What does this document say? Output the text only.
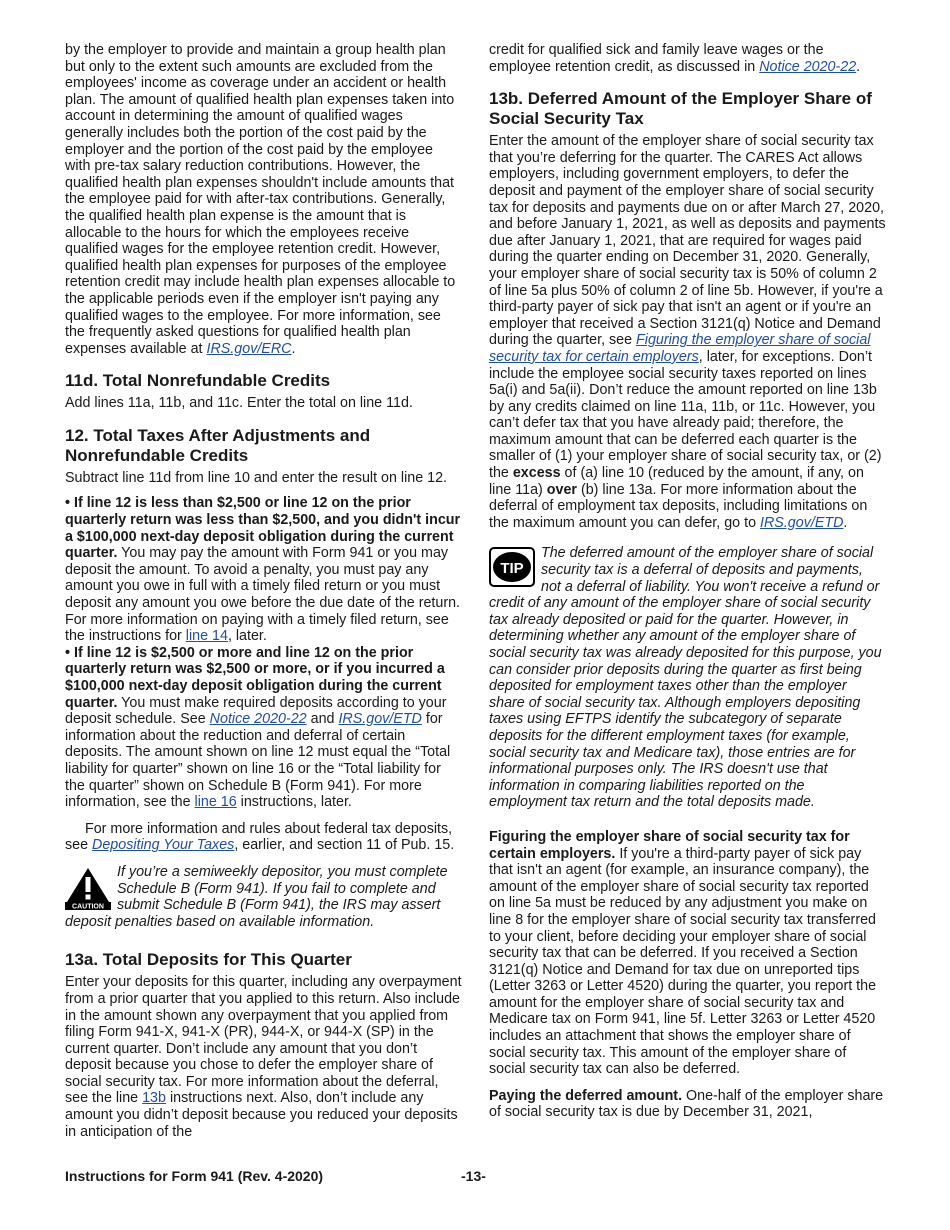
by the employer to provide and maintain a group health plan but only to the extent such amounts are excluded from the employees' income as coverage under an accident or health plan. The amount of qualified health plan expenses taken into account in determining the amount of qualified wages generally includes both the portion of the cost paid by the employer and the portion of the cost paid by the employee with pre-tax salary reduction contributions. However, the qualified health plan expenses shouldn't include amounts that the employee paid for with after-tax contributions. Generally, the qualified health plan expense is the amount that is allocable to the hours for which the employees receive qualified wages for the employee retention credit. However, qualified health plan expenses for purposes of the employee retention credit may include health plan expenses allocable to the applicable periods even if the employer isn't paying any qualified wages to the employee. For more information, see the frequently asked questions for qualified health plan expenses available at IRS.gov/ERC.

11d. Total Nonrefundable Credits

Add lines 11a, 11b, and 11c. Enter the total on line 11d.

12. Total Taxes After Adjustments and Nonrefundable Credits

Subtract line 11d from line 10 and enter the result on line 12.

• If line 12 is less than $2,500 or line 12 on the prior quarterly return was less than $2,500, and you didn't incur a $100,000 next-day deposit obligation during the current quarter. You may pay the amount with Form 941 or you may deposit the amount. To avoid a penalty, you must pay any amount you owe in full with a timely filed return or you must deposit any amount you owe before the due date of the return. For more information on paying with a timely filed return, see the instructions for line 14, later.

• If line 12 is $2,500 or more and line 12 on the prior quarterly return was $2,500 or more, or if you incurred a $100,000 next-day deposit obligation during the current quarter. You must make required deposits according to your deposit schedule. See Notice 2020-22 and IRS.gov/ETD for information about the reduction and deferral of certain deposits. The amount shown on line 12 must equal the “Total liability for quarter” shown on line 16 or the “Total liability for the quarter” shown on Schedule B (Form 941). For more information, see the line 16 instructions, later.

For more information and rules about federal tax deposits, see Depositing Your Taxes, earlier, and section 11 of Pub. 15.

CAUTION

If you’re a semiweekly depositor, you must complete Schedule B (Form 941). If you fail to complete and submit Schedule B (Form 941), the IRS may assert deposit penalties based on available information.

13a. Total Deposits for This Quarter

Enter your deposits for this quarter, including any overpayment from a prior quarter that you applied to this return. Also include in the amount shown any overpayment that you applied from filing Form 941-X, 941-X (PR), 944-X, or 944-X (SP) in the current quarter. Don’t include any amount that you don’t deposit because you chose to defer the employer share of social security tax. For more information about the deferral, see the line 13b instructions next. Also, don’t include any amount you didn’t deposit because you reduced your deposits in anticipation of the

credit for qualified sick and family leave wages or the employee retention credit, as discussed in Notice 2020-22.

13b. Deferred Amount of the Employer Share of Social Security Tax

Enter the amount of the employer share of social security tax that you’re deferring for the quarter. The CARES Act allows employers, including government employers, to defer the deposit and payment of the employer share of social security tax for deposits and payments due on or after March 27, 2020, and before January 1, 2021, as well as deposits and payments due after January 1, 2021, that are required for wages paid during the quarter ending on December 31, 2020. Generally, your employer share of social security tax is 50% of column 2 of line 5a plus 50% of column 2 of line 5b. However, if you're a third-party payer of sick pay that isn't an agent or if you're an employer that received a Section 3121(q) Notice and Demand during the quarter, see Figuring the employer share of social security tax for certain employers, later, for exceptions. Don’t include the employee social security taxes reported on lines 5a(i) and 5a(ii). Don’t reduce the amount reported on line 13b by any credits claimed on line 11a, 11b, or 11c. However, you can’t defer tax that you have already paid; therefore, the maximum amount that can be deferred each quarter is the smaller of (1) your employer share of social security tax, or (2) the excess of (a) line 10 (reduced by the amount, if any, on line 11a) over (b) line 13a. For more information about the deferral of employment tax deposits, including limitations on the maximum amount you can defer, go to IRS.gov/ETD.

TIP

The deferred amount of the employer share of social security tax is a deferral of deposits and payments, not a deferral of liability. You won't receive a refund or credit of any amount of the employer share of social security tax already deposited or paid for the quarter. However, in determining whether any amount of the employer share of social security tax was already deposited for this purpose, you can consider prior deposits during the quarter as first being deposited for employment taxes other than the employer share of social security tax. Although employers depositing taxes using EFTPS identify the subcategory of separate deposits for the different employment taxes (for example, social security tax and Medicare tax), those entries are for informational purposes only. The IRS doesn't use that information in comparing liabilities reported on the employment tax return and the total deposits made.

Figuring the employer share of social security tax for certain employers. If you're a third-party payer of sick pay that isn't an agent (for example, an insurance company), the amount of the employer share of social security tax reported on line 5a must be reduced by any adjustment you make on line 8 for the employer share of social security tax transferred to your client, before deciding your employer share of social security tax that can be deferred. If you received a Section 3121(q) Notice and Demand for tax due on unreported tips (Letter 3263 or Letter 4520) during the quarter, you report the amount for the employer share of social security tax and Medicare tax on Form 941, line 5f. Letter 3263 or Letter 4520 includes an attachment that shows the employer share of social security tax. This amount of the employer share of social security tax can also be deferred.

Paying the deferred amount. One-half of the employer share of social security tax is due by December 31, 2021,

Instructions for Form 941 (Rev. 4-2020)	-13-
